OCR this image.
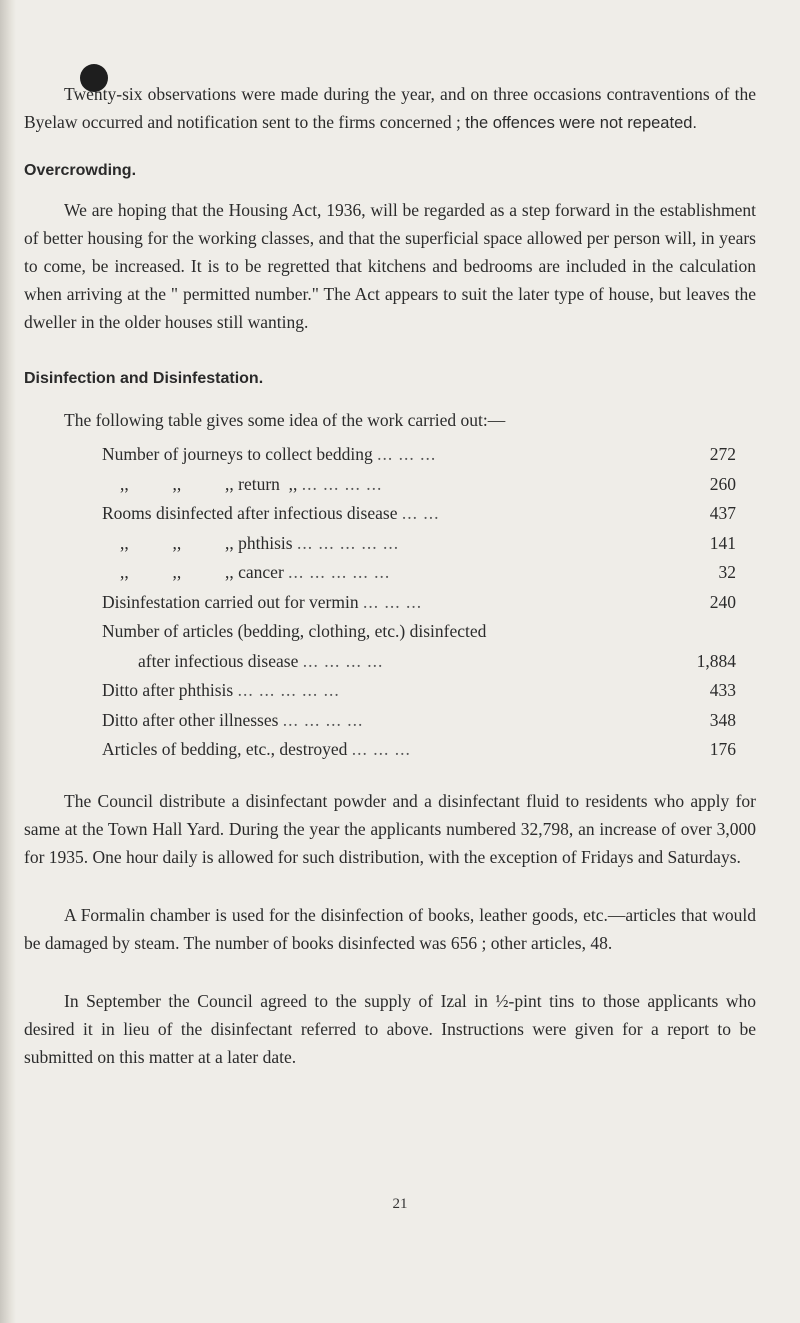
Twenty-six observations were made during the year, and on three occasions contraventions of the Byelaw occurred and notification sent to the firms concerned ; the offences were not repeated.

Overcrowding.

We are hoping that the Housing Act, 1936, will be regarded as a step forward in the establishment of better housing for the working classes, and that the superficial space allowed per person will, in years to come, be increased. It is to be regretted that kitchens and bedrooms are included in the calculation when arriving at the " permitted number." The Act appears to suit the later type of house, but leaves the dweller in the older houses still wanting.

Disinfection and Disinfestation.

The following table gives some idea of the work carried out:—

Number of journeys to collect bedding ... ... ...	272
,,          ,,          ,, return  ,, ... ... ... ...	260
Rooms disinfected after infectious disease ... ...	437
,,          ,,          ,, phthisis ... ... ... ... ...	141
,,          ,,          ,, cancer ... ... ... ... ...	32
Disinfestation carried out for vermin ... ... ...	240
Number of articles (bedding, clothing, etc.) disinfected	
after infectious disease ... ... ... ...	1,884
Ditto after phthisis ... ... ... ... ...	433
Ditto after other illnesses ... ... ... ...	348
Articles of bedding, etc., destroyed ... ... ...	176

The Council distribute a disinfectant powder and a disinfectant fluid to residents who apply for same at the Town Hall Yard. During the year the applicants numbered 32,798, an increase of over 3,000 for 1935. One hour daily is allowed for such distribution, with the exception of Fridays and Saturdays.

A Formalin chamber is used for the disinfection of books, leather goods, etc.—articles that would be damaged by steam. The number of books disinfected was 656 ; other articles, 48.

In September the Council agreed to the supply of Izal in ½-pint tins to those applicants who desired it in lieu of the disinfectant referred to above. Instructions were given for a report to be submitted on this matter at a later date.

21
